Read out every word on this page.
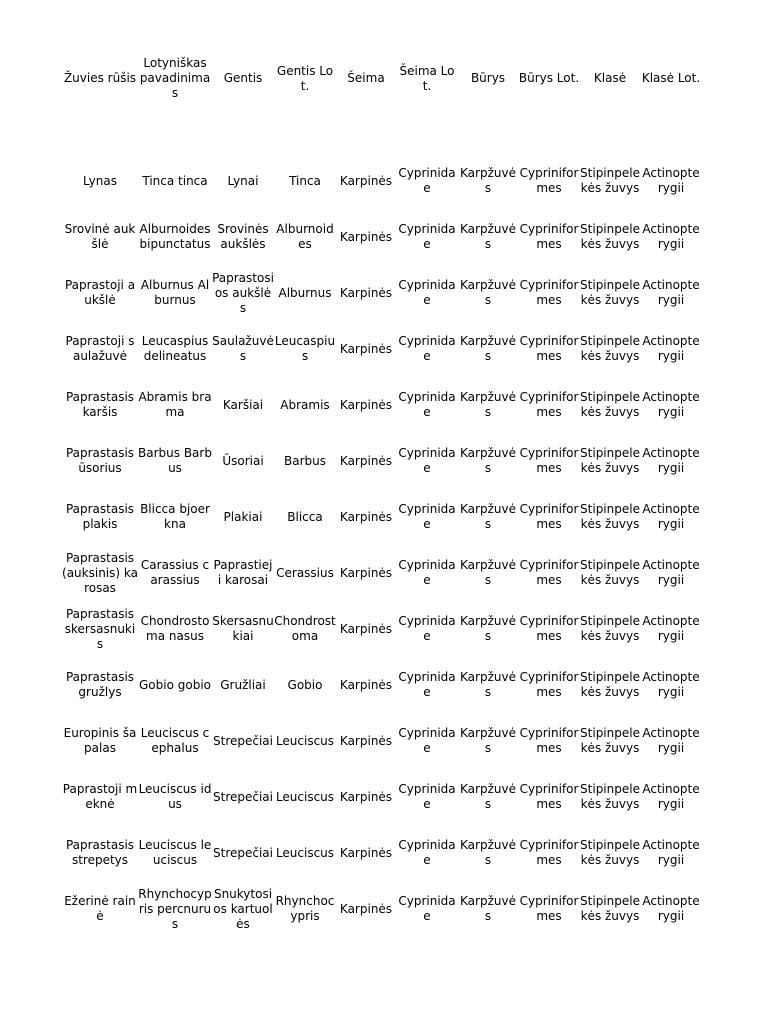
Žuvies rūšis	Lotyniškas pavadinimas	Gentis	Gentis Lot.	Šeima	Šeima Lot.	Būrys	Būrys Lot.	Klasė	Klasė Lot.
Lynas	Tinca tinca	Lynai	Tinca	Karpinės	Cyprinidae	Karpžuvės	Cypriniformes	Stipinpelekės žuvys	Actinopterygii
Srovinė aukšlė	Alburnoides bipunctatus	Srovinės aukšlės	Alburnoides	Karpinės	Cyprinidae	Karpžuvės	Cypriniformes	Stipinpelekės žuvys	Actinopterygii
Paprastoji aukšlė	Alburnus Alburnus	Paprastosios aukšlės	Alburnus	Karpinės	Cyprinidae	Karpžuvės	Cypriniformes	Stipinpelekės žuvys	Actinopterygii
Paprastoji saulažuvė	Leucaspius delineatus	Saulažuvės	Leucaspius	Karpinės	Cyprinidae	Karpžuvės	Cypriniformes	Stipinpelekės žuvys	Actinopterygii
Paprastasis karšis	Abramis brama	Karšiai	Abramis	Karpinės	Cyprinidae	Karpžuvės	Cypriniformes	Stipinpelekės žuvys	Actinopterygii
Paprastasis ūsorius	Barbus Barbus	Ūsoriai	Barbus	Karpinės	Cyprinidae	Karpžuvės	Cypriniformes	Stipinpelekės žuvys	Actinopterygii
Paprastasis plakis	Blicca bjoerkna	Plakiai	Blicca	Karpinės	Cyprinidae	Karpžuvės	Cypriniformes	Stipinpelekės žuvys	Actinopterygii
Paprastasis (auksinis) karosas	Carassius carassius	Paprastieji karosai	Cerassius	Karpinės	Cyprinidae	Karpžuvės	Cypriniformes	Stipinpelekės žuvys	Actinopterygii
Paprastasis skersasnukis	Chondrostoma nasus	Skersasnukiai	Chondrostoma	Karpinės	Cyprinidae	Karpžuvės	Cypriniformes	Stipinpelekės žuvys	Actinopterygii
Paprastasis gružlys	Gobio gobio	Gružliai	Gobio	Karpinės	Cyprinidae	Karpžuvės	Cypriniformes	Stipinpelekės žuvys	Actinopterygii
Europinis šapalas	Leuciscus cephalus	Strepečiai	Leuciscus	Karpinės	Cyprinidae	Karpžuvės	Cypriniformes	Stipinpelekės žuvys	Actinopterygii
Paprastoji meknė	Leuciscus idus	Strepečiai	Leuciscus	Karpinės	Cyprinidae	Karpžuvės	Cypriniformes	Stipinpelekės žuvys	Actinopterygii
Paprastasis strepetys	Leuciscus leuciscus	Strepečiai	Leuciscus	Karpinės	Cyprinidae	Karpžuvės	Cypriniformes	Stipinpelekės žuvys	Actinopterygii
Ežerinė rainė	Rhynchocypris percnurus	Snukytosios kartuolės	Rhynchocypris	Karpinės	Cyprinidae	Karpžuvės	Cypriniformes	Stipinpelekės žuvys	Actinopterygii
